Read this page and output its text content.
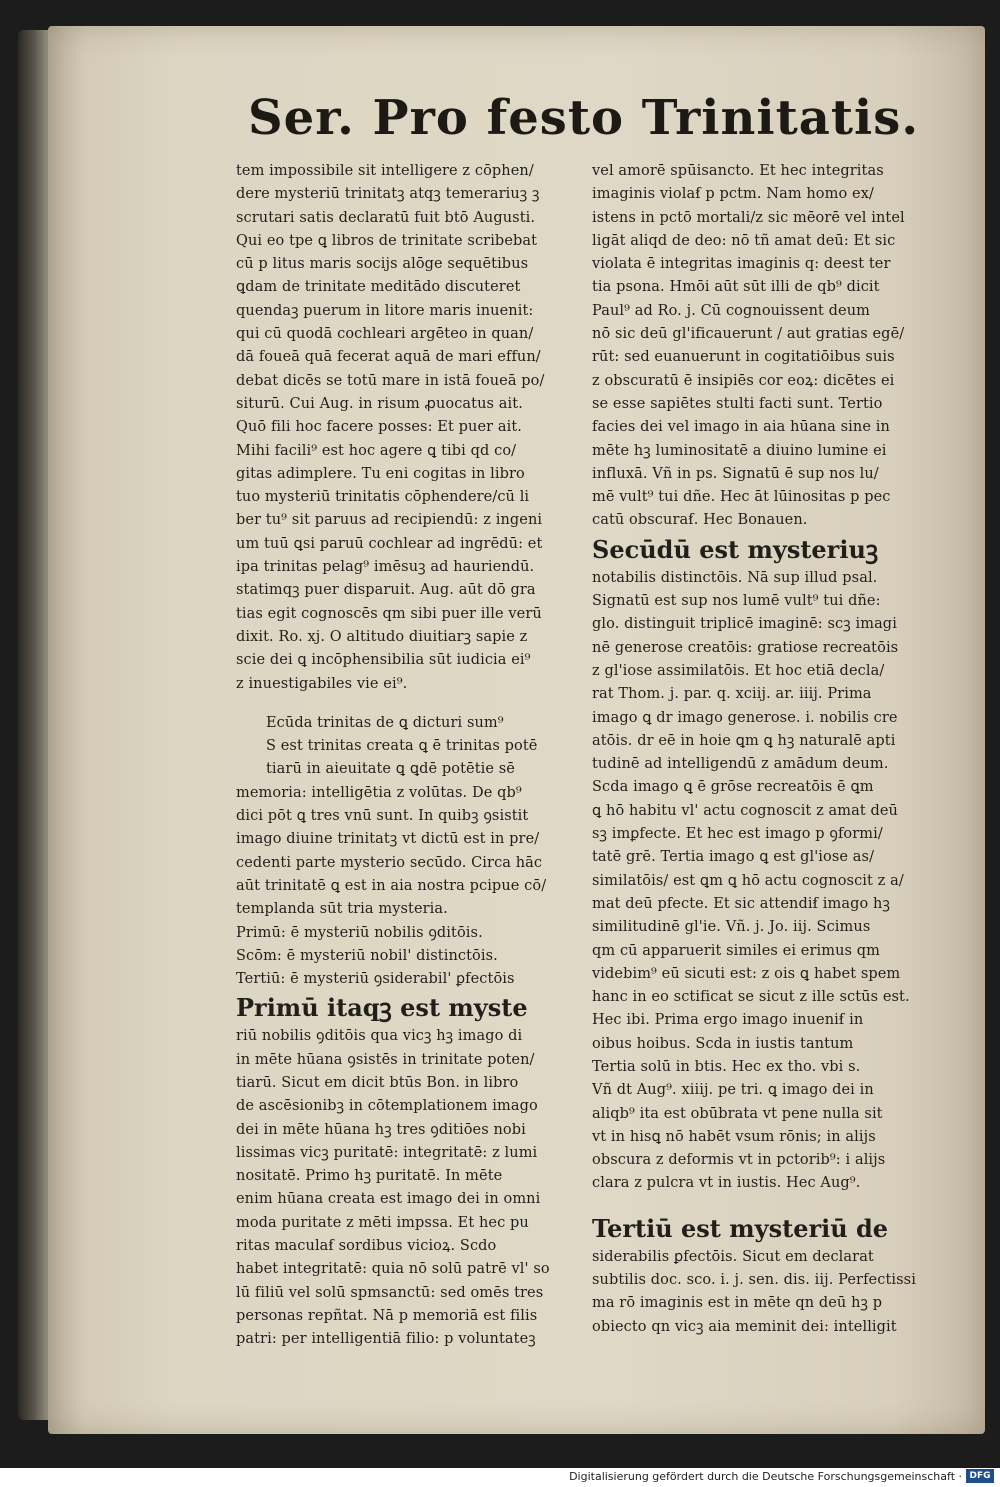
Ser. Pro festo Trinitatis.
tem impossibile sit intelligere z cōphen/
dere mysteriū trinitatꝫ atqꝫ temerariuꝫ ꝫ
scrutari satis declaratū fuit btō Augusti.
Qui eo tpe ꝗ libros de trinitate scribebat
cū p litus maris socijs alōge sequētibus
ꝗdam de trinitate meditādo discuteret
quendaꝫ puerum in litore maris inuenit:
qui cū quodā cochleari argēteo in quan/
dā foueā quā fecerat aquā de mari effun/
debat dicēs se totū mare in istā foueā po/
siturū. Cui Aug. in risum ꝓuocatus ait.
Quō fili hoc facere posses: Et puer ait.
Mihi facili⁹ est hoc agere ꝗ tibi qd co/
gitas adimplere. Tu eni cogitas in libro
tuo mysteriū trinitatis cōphendere/cū li
ber tu⁹ sit paruus ad recipiendū: z ingeni
um tuū ꝗsi paruū cochlear ad ingrēdū: et
ipa trinitas pelag⁹ imēsuꝫ ad hauriendū.
statimqꝫ puer disparuit. Aug. aūt dō gra
tias egit cognoscēs qm sibi puer ille verū
dixit. Ro. xj. O altitudo diuitiarꝫ sapie z
scie dei ꝗ incōphensibilia sūt iudicia ei⁹
z inuestigabiles vie ei⁹.
Ecūda trinitas de ꝗ dicturi sum⁹
S est trinitas creata ꝗ ē trinitas potē
tiarū in aieuitate ꝗ ꝗdē potētie sē
memoria: intelligētia z volūtas. De qb⁹
dici pōt ꝗ tres vnū sunt. In quibꝫ ꝯsistit
imago diuine trinitatꝫ vt dictū est in pre/
cedenti parte mysterio secūdo. Circa hāc
aūt trinitatē ꝗ est in aia nostra pcipue cō/
templanda sūt tria mysteria.
Primū: ē mysteriū nobilis ꝯditōis.
Scōm: ē mysteriū nobil' distinctōis.
Tertiū: ē mysteriū ꝯsiderabil' ꝑfectōis
Primū itaqꝫ est myste
riū nobilis ꝯditōis qua vicꝫ hꝫ imago di
in mēte hūana ꝯsistēs in trinitate poten/
tiarū. Sicut em dicit btūs Bon. in libro
de ascēsionibꝫ in cōtemplationem imago
dei in mēte hūana hꝫ tres ꝯditiōes nobi
lissimas vicꝫ puritatē: integritatē: z lumi
nositatē. Primo hꝫ puritatē. In mēte
enim hūana creata est imago dei in omni
moda puritate z mēti impssa. Et hec pu
ritas maculaẜ sordibus vicioꝝ. Scdo
habet integritatē: quia nō solū patrē vl' so
lū filiū vel solū spmsanctū: sed omēs tres
personas repñtat. Nā p memoriā est filis
patri: per intelligentiā filio: p voluntateꝫ
vel amorē spūisancto. Et hec integritas
imaginis violaẜ p pctm. Nam homo ex/
istens in pctō mortali/z sic mēorē vel intel
ligāt aliqd de deo: nō tñ amat deū: Et sic
violata ē integritas imaginis q: deest ter
tia psona. Hmōi aūt sūt illi de qb⁹ dicit
Paul⁹ ad Ro. j. Cū cognouissent deum
nō sic deū gl'ificauerunt / aut gratias egē/
rūt: sed euanuerunt in cogitatiōibus suis
z obscuratū ē insipiēs cor eoꝝ: dicētes ei
se esse sapiētes stulti facti sunt. Tertio
facies dei vel imago in aia hūana sine in
mēte hꝫ luminositatē a diuino lumine ei
influxā. Vñ in ps. Signatū ē sup nos lu/
mē vult⁹ tui dñe. Hec āt lūinositas p pec
catū obscuraẜ. Hec Bonauen.
Secūdū est mysteriuꝫ
notabilis distinctōis. Nā sup illud psal.
Signatū est sup nos lumē vult⁹ tui dñe:
glo. distinguit triplicē imaginē: scꝫ imagi
nē generose creatōis: gratiose recreatōis
z gl'iose assimilatōis. Et hoc etiā decla/
rat Thom. j. par. q. xciij. ar. iiij. Prima
imago ꝗ dr imago generose. i. nobilis cre
atōis. dr eē in hoie ꝗm ꝗ hꝫ naturalē apti
tudinē ad intelligendū z amādum deum.
Scda imago ꝗ ē grōse recreatōis ē ꝗm
ꝗ hō habitu vl' actu cognoscit z amat deū
sꝫ imꝑfecte. Et hec est imago p ꝯformi/
tatē grē. Tertia imago ꝗ est gl'iose as/
similatōis/ est ꝗm ꝗ hō actu cognoscit z a/
mat deū pfecte. Et sic attendiẜ imago hꝫ
similitudinē gl'ie. Vñ. j. Jo. iij. Scimus
qm cū apparuerit similes ei erimus qm
videbim⁹ eū sicuti est: z ois ꝗ habet spem
hanc in eo sctificat se sicut z ille sctūs est.
Hec ibi. Prima ergo imago inueniẜ in
oibus hoibus. Scda in iustis tantum
Tertia solū in btis. Hec ex tho. vbi s.
Vñ dt Aug⁹. xiiij. pe tri. ꝗ imago dei in
aliqb⁹ ita est obūbrata vt pene nulla sit
vt in hisꝗ nō habēt vsum rōnis; in alijs
obscura z deformis vt in pctorib⁹: i alijs
clara z pulcra vt in iustis. Hec Aug⁹.
Tertiū est mysteriū de
siderabilis ꝑfectōis. Sicut em declarat
subtilis doc. sco. i. j. sen. dis. iij. Perfectissi
ma rō imaginis est in mēte qn deū hꝫ p
obiecto qn vicꝫ aia meminit dei: intelligit
Digitalisierung gefördert durch die Deutsche Forschungsgemeinschaft · DFG
